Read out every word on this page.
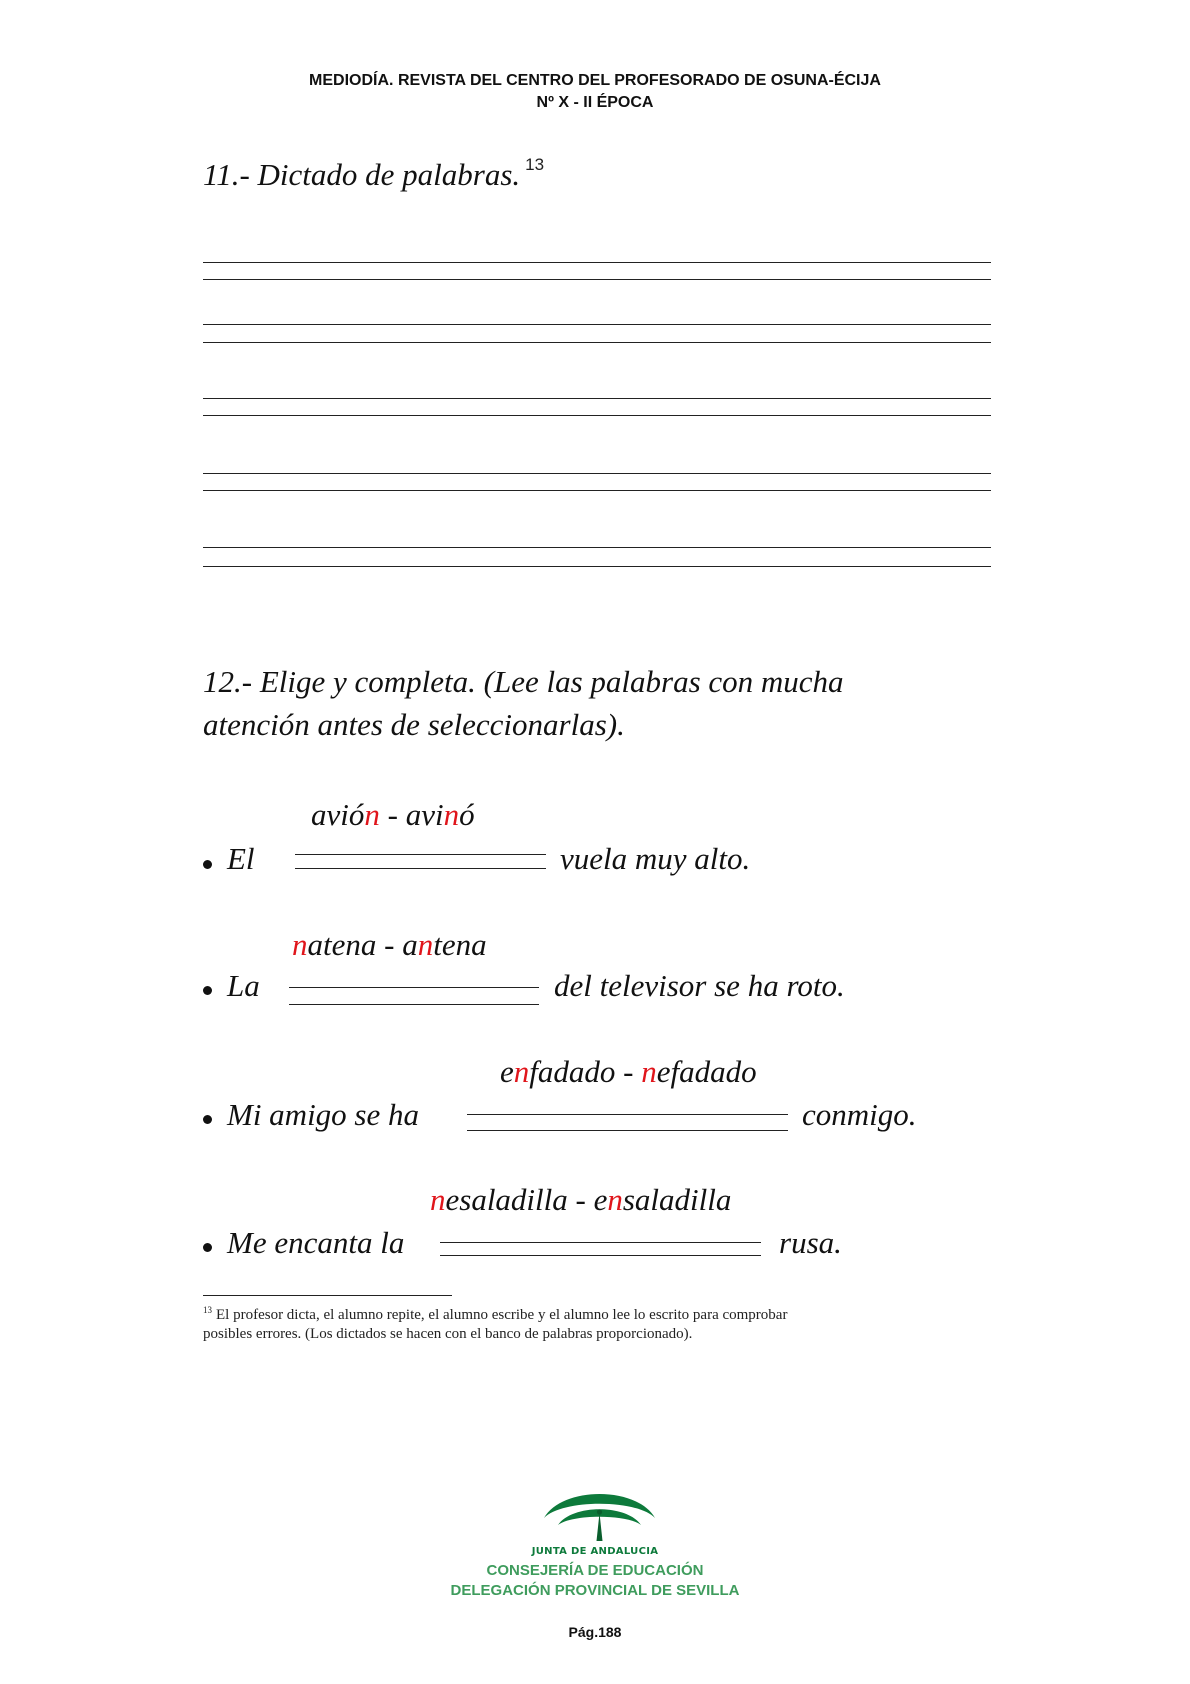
MEDIODÍA. REVISTA DEL CENTRO DEL PROFESORADO DE OSUNA-ÉCIJA
Nº X - II ÉPOCA
11.- Dictado de palabras. $^{13}$
12.- Elige y completa. (Lee las palabras con mucha
atención antes de seleccionarlas).
avión - avinó
El	vuela muy alto.
natena - antena
La	del televisor se ha roto.
enfadado - nefadado
Mi amigo se ha	conmigo.
nesaladilla - ensaladilla
Me encanta la	rusa.
$^{13}$ El profesor dicta, el alumno repite, el alumno escribe y el alumno lee lo escrito para comprobar
posibles errores. (Los dictados se hacen con el banco de palabras proporcionado).
JUNTA DE ANDALUCIA
CONSEJERÍA DE EDUCACIÓN
DELEGACIÓN PROVINCIAL DE SEVILLA
Pág.188
